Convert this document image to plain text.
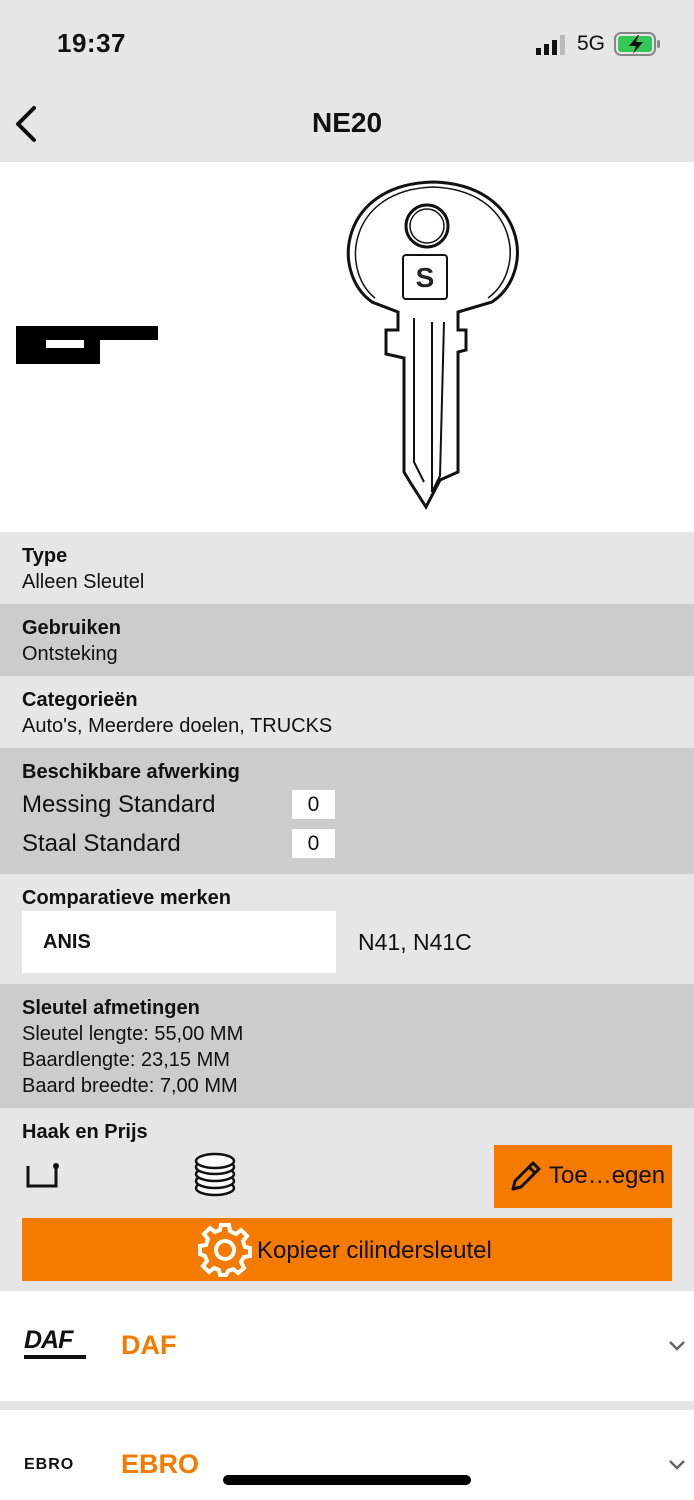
19:37	5G
NE20
S
Type
Alleen Sleutel
Gebruiken
Ontsteking
Categorieën
Auto's, Meerdere doelen, TRUCKS
Beschikbare afwerking
Messing Standard	0
Staal Standard	0
Comparatieve merken
ANIS	N41, N41C
Sleutel afmetingen
Sleutel lengte: 55,00 MM
Baardlengte: 23,15 MM
Baard breedte: 7,00 MM
Haak en Prijs
Toe…egen
Kopieer cilindersleutel
DAF	DAF
EBRO EBRO
